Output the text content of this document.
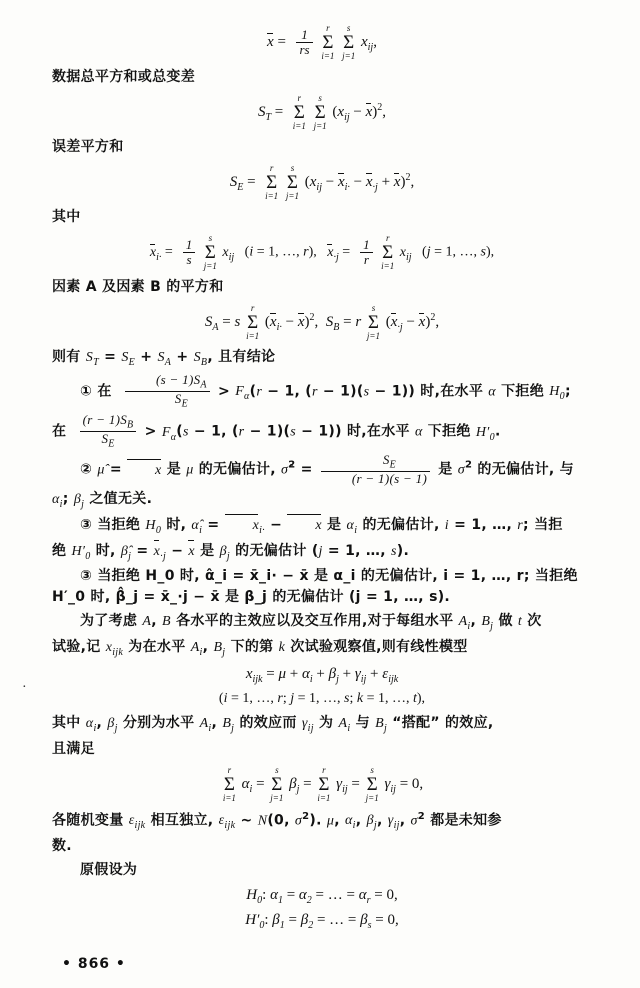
·
$x = \frac{1}{rs}$

r
Σ
i=1

s
Σ
j=1
$x_{ij}$,
数据总平方和或总变差
$S_T$ =
r
Σ
i=1

s
Σ
j=1
$(x_{ij} - x)^2$,
误差平方和
$S_E$ =
r
Σ
i=1

s
Σ
j=1
$(x_{ij} - x_{i\cdot} - x_{\cdot j} + x)^2$,
其中
$x_{i\cdot} = \frac{1}{s}$

s
Σ
j=1
$x_{ij}$   (i = 1, …, r),   $x_{\cdot j} = \frac{1}{r}$

r
Σ
i=1
$x_{ij}$   (j = 1, …, s),
因素 A 及因素 B 的平方和
$S_A = s$
r
Σ
i=1
$(x_{i\cdot} - x)^2$,  $S_B = r$
s
Σ
j=1
$(x_{\cdot j} - x)^2$,
则有 $S_T = S_E + S_A + S_B$, 且有结论
① 在 $\frac{(s - 1)S_A}{S_E} > F_\alpha(r - 1$, (r − 1)(s − 1)) 时,在水平 α 下拒绝 $H_0$;
在 $\frac{(r - 1)S_B}{S_E} > F_\alpha(s - 1$, (r − 1)(s − 1)) 时,在水平 α 下拒绝 $H'_0$.
② μ̂ = x 是 μ 的无偏估计, σ̂$^2$ = $\frac{S_E}{(r - 1)(s - 1)}$ 是 $\sigma^2$ 的无偏估计, 与
$\alpha_i$; $\beta_j$ 之值无关.
③ 当拒绝 $H_0$ 时, $\alphâ_i = x_{i\cdot} - x$ 是 $\alpha_i$ 的无偏估计, i = 1, …, r; 当拒
绝 $H'_0$ 时, $\betâ_j = x_{\cdot j} - x$ 是 $\beta_j$ 的无偏估计 (j = 1, …, s).
③ 当拒绝 H_0 时, α̂_i = x̄_i· − x̄ 是 α_i 的无偏估计, i = 1, …, r; 当拒绝 H′_0 时, β̂_j = x̄_·j − x̄ 是 β_j 的无偏估计 (j = 1, …, s).
为了考虑 A, B 各水平的主效应以及交互作用,对于每组水平 $A_i$, $B_j$ 做 t 次
试验,记 $x_{ijk}$ 为在水平 $A_i$, $B_j$ 下的第 k 次试验观察值,则有线性模型
$x_{ijk} = \mu + \alpha_i + \beta_j + \gamma_{ij} + \varepsilon_{ijk}$
(i = 1, …, r; j = 1, …, s; k = 1, …, t),
其中 $\alpha_i$, $\beta_j$ 分别为水平 $A_i$, $B_j$ 的效应而 $\gamma_{ij}$ 为 $A_i$ 与 $B_j$ “搭配” 的效应,
且满足
r
Σ
i=1
$\alpha_i$ =
s
Σ
j=1
$\beta_j$ =
r
Σ
i=1
$\gamma_{ij}$ =
s
Σ
j=1
$\gamma_{ij} = 0$,
各随机变量 $\varepsilon_{ijk}$ 相互独立, $\varepsilon_{ijk}$ ~ N(0, $\sigma^2$). μ, $\alpha_i$, $\beta_j$, $\gamma_{ij}$, $\sigma^2$ 都是未知参
数.
原假设为
$H_0$: $\alpha_1 = \alpha_2$ = … = $\alpha_r = 0$,
$H'_0$: $\beta_1 = \beta_2$ = … = $\beta_s = 0$,
• 866 •
